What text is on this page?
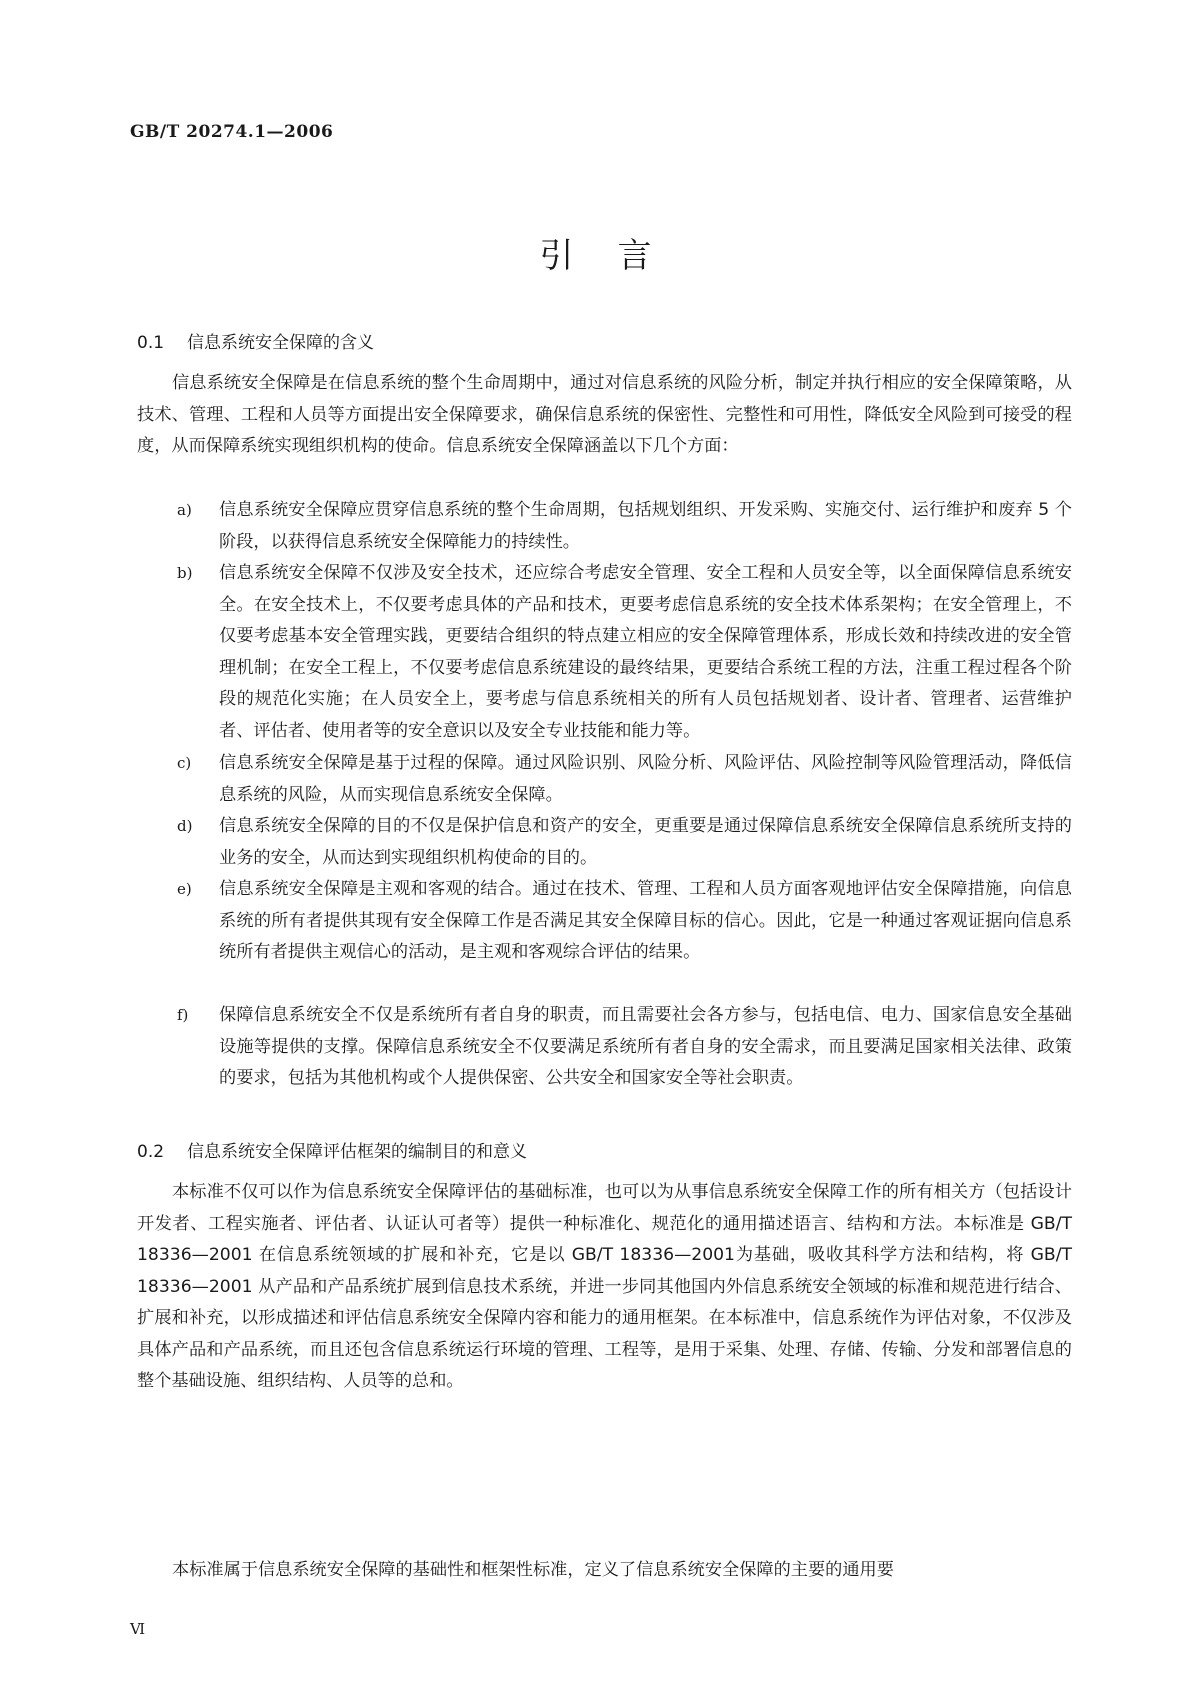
GB/T 20274.1—2006
引言
0.1 信息系统安全保障的含义
信息系统安全保障是在信息系统的整个生命周期中，通过对信息系统的风险分析，制定并执行相应的安全保障策略，从技术、管理、工程和人员等方面提出安全保障要求，确保信息系统的保密性、完整性和可用性，降低安全风险到可接受的程度，从而保障系统实现组织机构的使命。信息系统安全保障涵盖以下几个方面：
a)	信息系统安全保障应贯穿信息系统的整个生命周期，包括规划组织、开发采购、实施交付、运行维护和废弃 5 个阶段，以获得信息系统安全保障能力的持续性。
b)	信息系统安全保障不仅涉及安全技术，还应综合考虑安全管理、安全工程和人员安全等，以全面保障信息系统安全。在安全技术上，不仅要考虑具体的产品和技术，更要考虑信息系统的安全技术体系架构；在安全管理上，不仅要考虑基本安全管理实践，更要结合组织的特点建立相应的安全保障管理体系，形成长效和持续改进的安全管理机制；在安全工程上，不仅要考虑信息系统建设的最终结果，更要结合系统工程的方法，注重工程过程各个阶段的规范化实施；在人员安全上，要考虑与信息系统相关的所有人员包括规划者、设计者、管理者、运营维护者、评估者、使用者等的安全意识以及安全专业技能和能力等。
c)	信息系统安全保障是基于过程的保障。通过风险识别、风险分析、风险评估、风险控制等风险管理活动，降低信息系统的风险，从而实现信息系统安全保障。
d)	信息系统安全保障的目的不仅是保护信息和资产的安全，更重要是通过保障信息系统安全保障信息系统所支持的业务的安全，从而达到实现组织机构使命的目的。
e)	信息系统安全保障是主观和客观的结合。通过在技术、管理、工程和人员方面客观地评估安全保障措施，向信息系统的所有者提供其现有安全保障工作是否满足其安全保障目标的信心。因此，它是一种通过客观证据向信息系统所有者提供主观信心的活动，是主观和客观综合评估的结果。
f)	保障信息系统安全不仅是系统所有者自身的职责，而且需要社会各方参与，包括电信、电力、国家信息安全基础设施等提供的支撑。保障信息系统安全不仅要满足系统所有者自身的安全需求，而且要满足国家相关法律、政策的要求，包括为其他机构或个人提供保密、公共安全和国家安全等社会职责。
0.2 信息系统安全保障评估框架的编制目的和意义
本标准不仅可以作为信息系统安全保障评估的基础标准，也可以为从事信息系统安全保障工作的所有相关方（包括设计开发者、工程实施者、评估者、认证认可者等）提供一种标准化、规范化的通用描述语言、结构和方法。本标准是 GB/T 18336—2001 在信息系统领域的扩展和补充，它是以 GB/T 18336—2001为基础，吸收其科学方法和结构，将 GB/T 18336—2001 从产品和产品系统扩展到信息技术系统，并进一步同其他国内外信息系统安全领域的标准和规范进行结合、扩展和补充，以形成描述和评估信息系统安全保障内容和能力的通用框架。在本标准中，信息系统作为评估对象，不仅涉及具体产品和产品系统，而且还包含信息系统运行环境的管理、工程等，是用于采集、处理、存储、传输、分发和部署信息的整个基础设施、组织结构、人员等的总和。
本标准属于信息系统安全保障的基础性和框架性标准，定义了信息系统安全保障的主要的通用要
Ⅵ
